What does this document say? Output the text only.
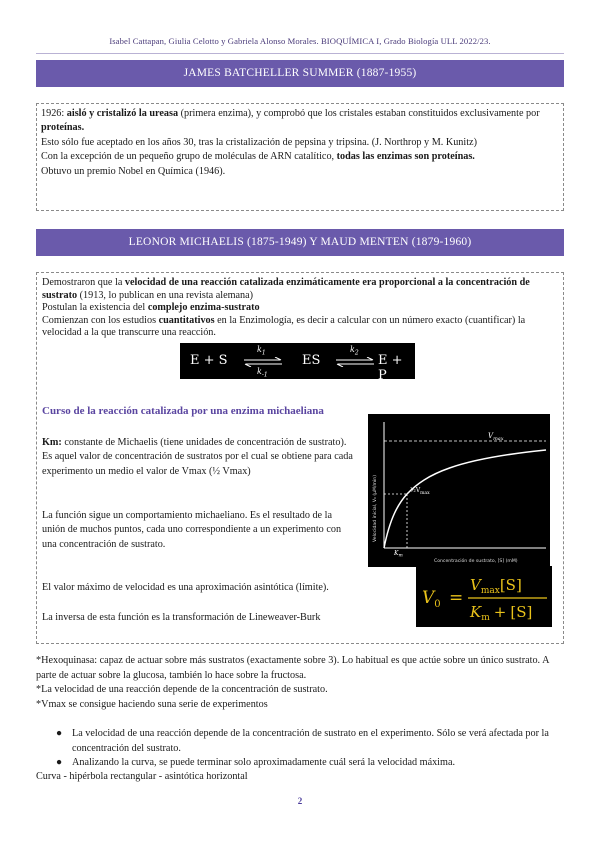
Isabel Cattapan, Giulia Celotto y Gabriela Alonso Morales. BIOQUÍMICA I, Grado Biología ULL 2022/23.
JAMES BATCHELLER SUMMER (1887-1955)

1926: aisló y cristalizó la ureasa (primera enzima), y comprobó que los cristales estaban constituidos exclusivamente por proteínas.

Esto sólo fue aceptado en los años 30, tras la cristalización de pepsina y tripsina. (J. Northrop y M. Kunitz)

Con la excepción de un pequeño grupo de moléculas de ARN catalítico, todas las enzimas son proteínas.

Obtuvo un premio Nobel en Química (1946).

LEONOR MICHAELIS (1875-1949) Y MAUD MENTEN (1879-1960)

Demostraron que la velocidad de una reacción catalizada enzimáticamente era proporcional a la concentración de sustrato (1913, lo publican en una revista alemana)

Postulan la existencia del complejo enzima-sustrato

Comienzan con los estudios cuantitativos en la Enzimología, es decir a calcular con un número exacto (cuantificar) la velocidad a la que transcurre una reacción.

E + S
$k_1$
$k_{-1}$
ES
$k_2$ ⇌ E + P
Curso de la reacción catalizada por una enzima michaeliana
Km: constante de Michaelis (tiene unidades de concentración de sustrato). Es aquel valor de concentración de sustratos por el cual se obtiene para cada experimento un medio el valor de Vmax (½ Vmax)
La función sigue un comportamiento michaeliano. Es el resultado de la unión de muchos puntos, cada uno correspondiente a un experimento con una concentración de sustrato.
El valor máximo de velocidad es una aproximación asintótica (límite).
La inversa de esta función es la transformación de Lineweaver-Burk
$V_{max}$
$\frac{1}{2}V_{max}$
$K_m$
Concentración de sustrato, [S] (mM)
Velocidad inicial, V₀ (μM/min)
$V_0$ =
$V_{max}[S]$
$K_m + [S]$

*Hexoquinasa: capaz de actuar sobre más sustratos (exactamente sobre 3). Lo habitual es que actúe sobre un único sustrato. A parte de actuar sobre la glucosa, también lo hace sobre la fructosa.

*La velocidad de una reacción depende de la concentración de sustrato.

*Vmax se consigue haciendo suna serie de experimentos

● La velocidad de una reacción depende de la concentración de sustrato en el experimento. Sólo se verá afectada por la concentración del sustrato.
● Analizando la curva, se puede terminar solo aproximadamente cuál será la velocidad máxima.
Curva - hipérbola rectangular - asintótica horizontal
2
